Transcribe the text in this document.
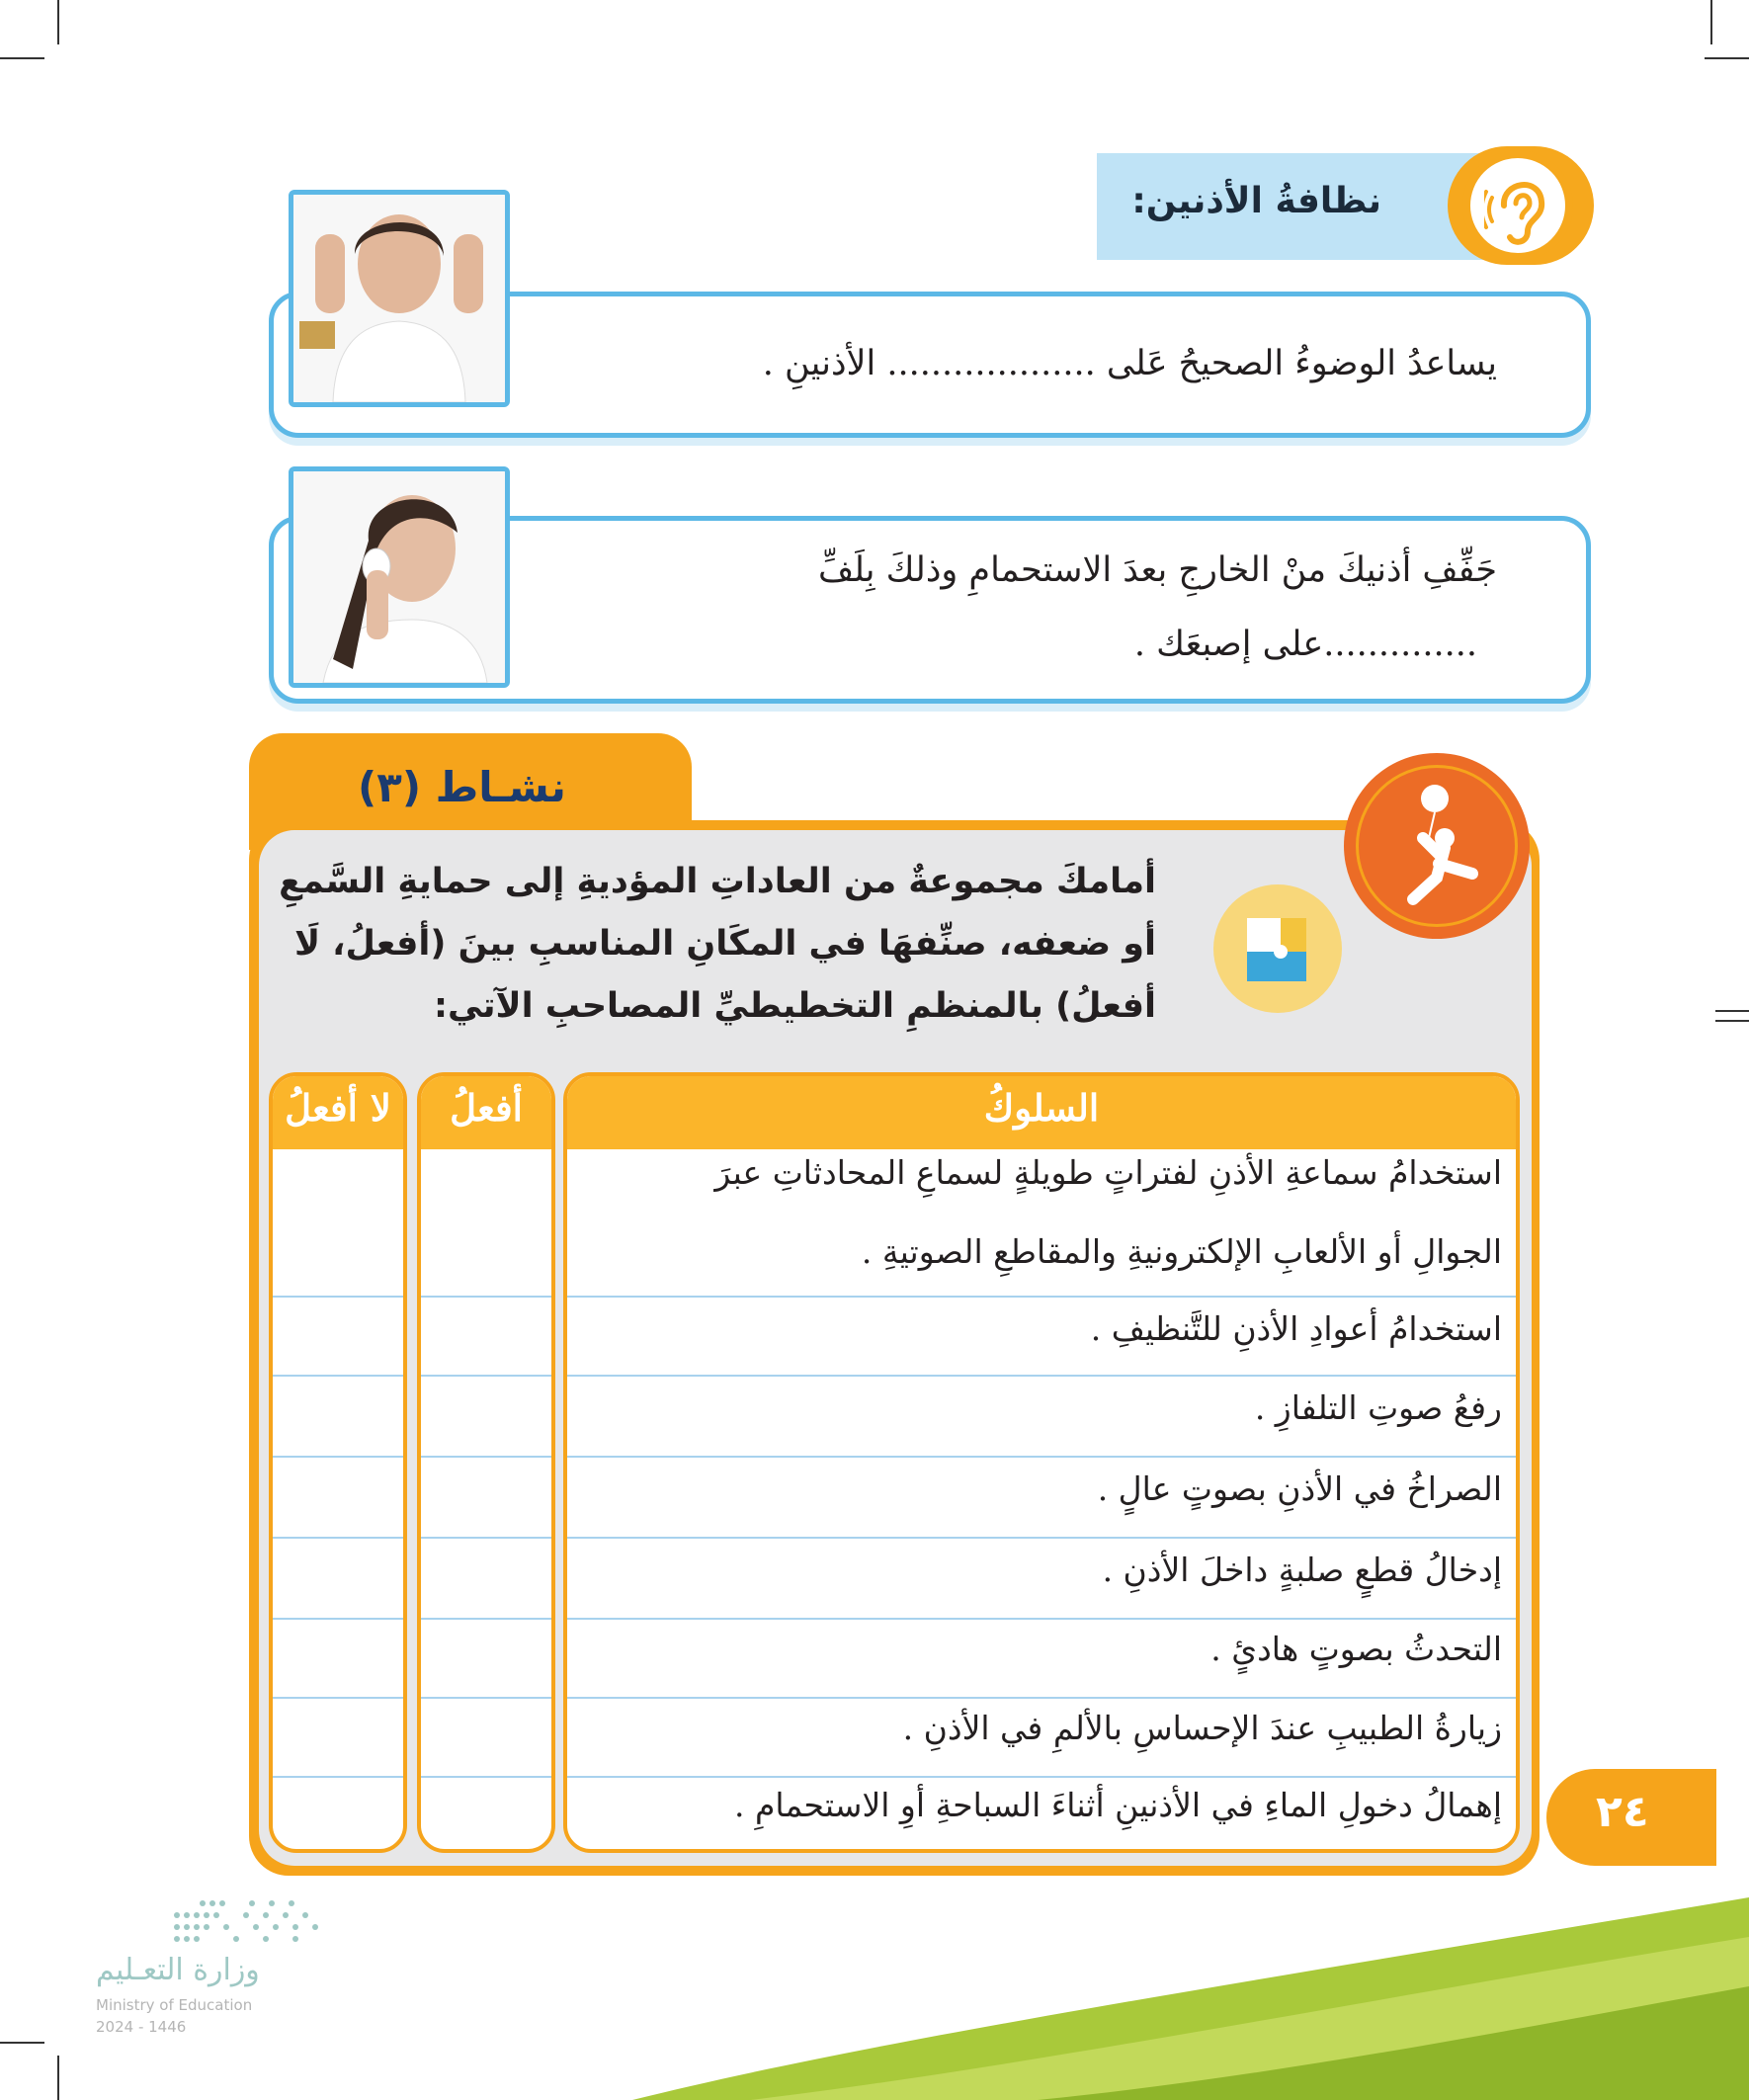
نظافةُ الأذنين:
يساعدُ الوضوءُ الصحيحُ عَلى ................... الأذنينِ .
جَفِّفِ أذنيكَ منْ الخارجِ بعدَ الاستحمامِ وذلكَ بِلَفِّ
..............على إصبعَك .
نشـاط (٣)
أمامكَ مجموعةٌ من العاداتِ المؤديةِ إلى حمايةِ السَّمعِ
أو ضعفه، صنِّفهَا في المكَانِ المناسبِ بينَ (أفعلُ، لَا
أفعلُ) بالمنظمِ التخطيطيِّ المصاحبِ الآتي:
السلوكُ
استخدامُ سماعةِ الأذنِ لفتراتٍ طويلةٍ لسماعِ المحادثاتِ عبرَ
الجوالِ أو الألعابِ الإلكترونيةِ والمقاطعِ الصوتيةِ .
استخدامُ أعوادِ الأذنِ للتَّنظيفِ .
رفعُ صوتِ التلفازِ .
الصراخُ في الأذنِ بصوتٍ عالٍ .
إدخالُ قطعٍ صلبةٍ داخلَ الأذنِ .
التحدثُ بصوتٍ هادئٍ .
زيارةُ الطبيبِ عندَ الإحساسِ بالألمِ في الأذنِ .
إهمالُ دخولِ الماءِ في الأذنينِ أثناءَ السباحةِ أوِ الاستحمامِ .
أفعلُ
لا أفعلُ
٢٤
وزارة التعـليم
Ministry of Education
2024 - 1446
